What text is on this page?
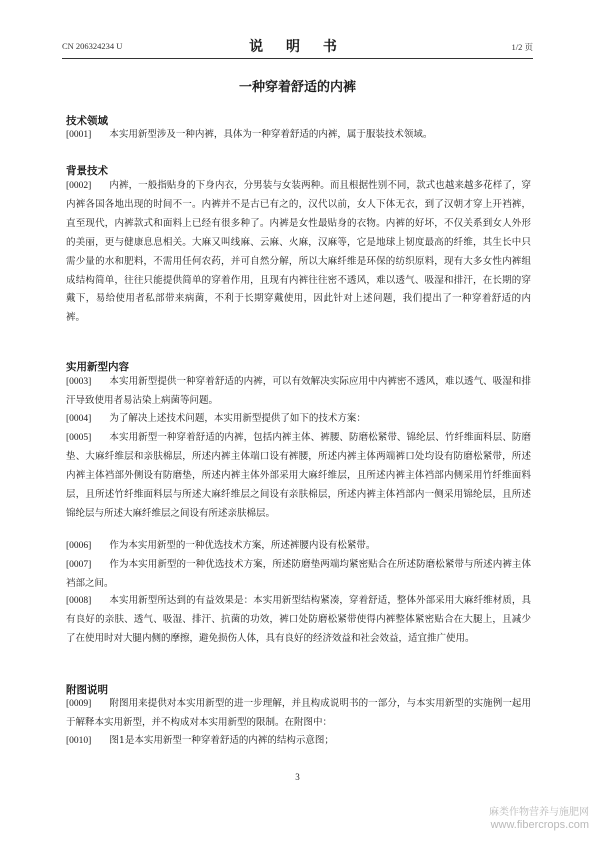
CN 206324234 U	说 明 书	1/2 页
一种穿着舒适的内裤
技术领域
[0001] 本实用新型涉及一种内裤，具体为一种穿着舒适的内裤，属于服装技术领域。
背景技术
[0002] 内裤，一般指贴身的下身内衣，分男装与女装两种。而且根据性别不同，款式也越来越多花样了，穿内裤各国各地出现的时间不一。内裤并不是古已有之的，汉代以前，女人下体无衣，到了汉朝才穿上开裆裤，直至现代，内裤款式和面料上已经有很多种了。内裤是女性最贴身的衣物。内裤的好坏，不仅关系到女人外形的美丽，更与健康息息相关。大麻又叫线麻、云麻、火麻，汉麻等，它是地球上韧度最高的纤维，其生长中只需少量的水和肥料，不需用任何农药，并可自然分解，所以大麻纤维是环保的纺织原料，现有大多女性内裤组成结构简单，往往只能提供简单的穿着作用，且现有内裤往往密不透风，难以透气、吸湿和排汗，在长期的穿戴下，易给使用者私部带来病菌，不利于长期穿戴使用，因此针对上述问题，我们提出了一种穿着舒适的内裤。
实用新型内容
[0003] 本实用新型提供一种穿着舒适的内裤，可以有效解决实际应用中内裤密不透风，难以透气、吸湿和排汗导致使用者易沾染上病菌等问题。
[0004] 为了解决上述技术问题，本实用新型提供了如下的技术方案：
[0005] 本实用新型一种穿着舒适的内裤，包括内裤主体、裤腰、防磨松紧带、锦纶层、竹纤维面料层、防磨垫、大麻纤维层和亲肤棉层，所述内裤主体端口设有裤腰，所述内裤主体两端裤口处均设有防磨松紧带，所述内裤主体裆部外侧设有防磨垫，所述内裤主体外部采用大麻纤维层，且所述内裤主体裆部内侧采用竹纤维面料层，且所述竹纤维面料层与所述大麻纤维层之间设有亲肤棉层，所述内裤主体裆部内一侧采用锦纶层，且所述锦纶层与所述大麻纤维层之间设有所述亲肤棉层。
[0006] 作为本实用新型的一种优选技术方案，所述裤腰内设有松紧带。
[0007] 作为本实用新型的一种优选技术方案，所述防磨垫两端均紧密贴合在所述防磨松紧带与所述内裤主体裆部之间。
[0008] 本实用新型所达到的有益效果是：本实用新型结构紧凑，穿着舒适，整体外部采用大麻纤维材质，具有良好的亲肤、透气、吸湿、排汗、抗菌的功效，裤口处防磨松紧带使得内裤整体紧密贴合在大腿上，且减少了在使用时对大腿内侧的摩擦，避免损伤人体，具有良好的经济效益和社会效益，适宜推广使用。
附图说明
[0009] 附图用来提供对本实用新型的进一步理解，并且构成说明书的一部分，与本实用新型的实施例一起用于解释本实用新型，并不构成对本实用新型的限制。在附图中：
[0010] 图1是本实用新型一种穿着舒适的内裤的结构示意图；
3
麻类作物营养与施肥网
www.fibercrops.com
